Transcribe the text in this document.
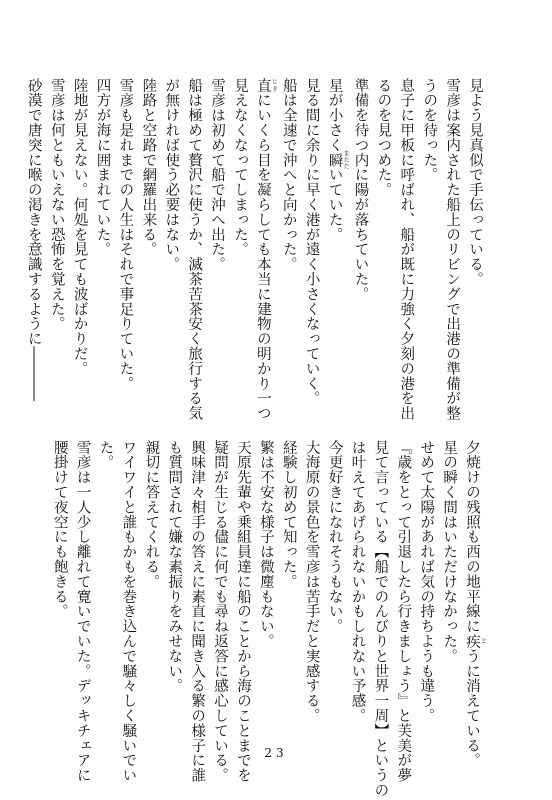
見よう見真似で手伝っている。
雪彦は案内された船上のリビングで出港の準備が整
うのを待った。
息子に甲板に呼ばれ、船が既に力強く夕刻の港を出
るのを見つめた。
準備を待つ内に陽が落ちていた。
星が小さく瞬 またたいていた。
見る間に余りに早く港が遠く小さくなっていく。
船は全速で沖へと向かった。
直 じきにいくら目を凝らしても本当に建物の明かり一つ
見えなくなってしまった。
雪彦は初めて船で沖へ出た。
船は極めて贅沢に使うか、滅茶苦茶安く旅行する気
が無ければ使う必要はない。
陸路と空路で網羅出来る。
雪彦も是れまでの人生はそれで事足りていた。
四方が海に囲まれていた。
陸地が見えない。何処を見ても波ばかりだ。
雪彦は何ともいえない恐怖を覚えた。
砂漠で唐突に喉の渇きを意識するように――――
夕焼けの残照も西の地平線に疾 とうに消えている。
星の瞬く間はいただけなかった。
せめて太陽があれば気の持ちようも違う。
『歳をとって引退したら行きましょう』と芙美が夢
見て言っている【船でのんびりと世界一周】というの
は叶えてあげられないかもしれない予感。
今更好きになれそうもない。
大海原の景色を雪彦は苦手だと実感する。
経験し初めて知った。
繁は不安な様子は微塵もない。
天原先輩や乗組員達に船のことから海のことまでを
疑問が生じる儘に何でも尋ね返答に感心している。
興味津々相手の答えに素直に聞き入る繁の様子に誰
も質問されて嫌な素振りをみせない。
親切に答えてくれる。
ワイワイと誰もかもを巻き込んで騒々しく騒いでい
た。
雪彦は一人少し離れて寛いでいた。デッキチェアに
腰掛けて夜空にも飽きる。
23
